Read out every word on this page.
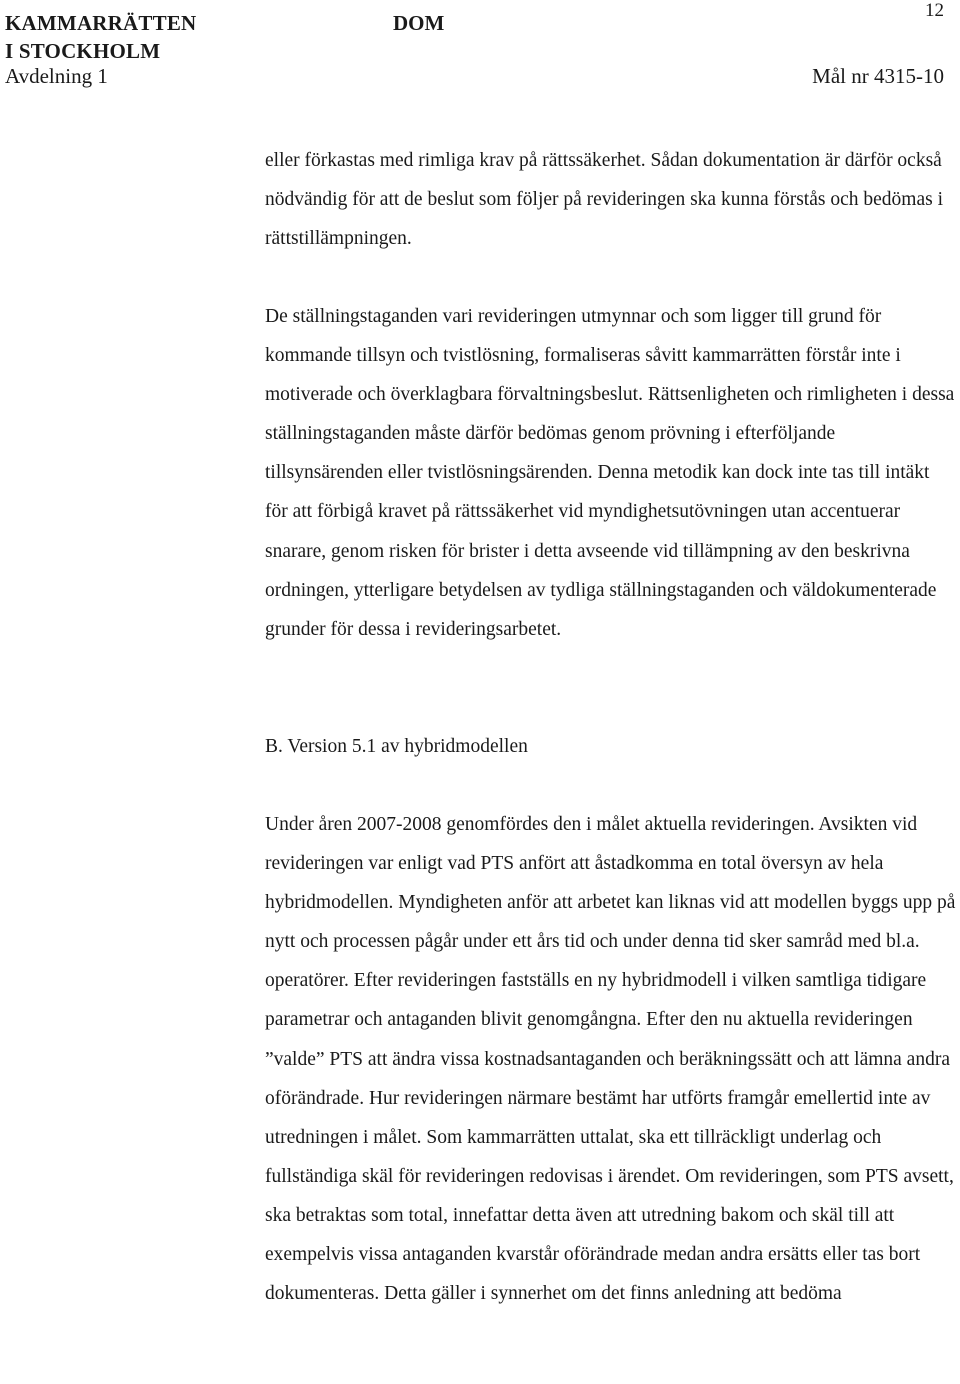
KAMMARRÄTTEN
I STOCKHOLM
DOM
12
Avdelning 1	Mål nr 4315-10

eller förkastas med rimliga krav på rättssäkerhet. Sådan dokumentation är därför också nödvändig för att de beslut som följer på revideringen ska kunna förstås och bedömas i rättstillämpningen.

De ställningstaganden vari revideringen utmynnar och som ligger till grund för kommande tillsyn och tvistlösning, formaliseras såvitt kammarrätten förstår inte i motiverade och överklagbara förvaltningsbeslut. Rättsenligheten och rimligheten i dessa ställningstaganden måste därför bedömas genom prövning i efterföljande tillsynsärenden eller tvistlösningsärenden. Denna metodik kan dock inte tas till intäkt för att förbigå kravet på rättssäkerhet vid myndighetsutövningen utan accentuerar snarare, genom risken för brister i detta avseende vid tillämpning av den beskrivna ordningen, ytterligare betydelsen av tydliga ställningstaganden och väldokumenterade grunder för dessa i revideringsarbetet.

B. Version 5.1 av hybridmodellen

Under åren 2007-2008 genomfördes den i målet aktuella revideringen. Avsikten vid revideringen var enligt vad PTS anfört att åstadkomma en total översyn av hela hybridmodellen. Myndigheten anför att arbetet kan liknas vid att modellen byggs upp på nytt och processen pågår under ett års tid och under denna tid sker samråd med bl.a. operatörer. Efter revideringen fastställs en ny hybridmodell i vilken samtliga tidigare parametrar och antaganden blivit genomgångna. Efter den nu aktuella revideringen ”valde” PTS att ändra vissa kostnadsantaganden och beräkningssätt och att lämna andra oförändrade. Hur revideringen närmare bestämt har utförts framgår emellertid inte av utredningen i målet. Som kammarrätten uttalat, ska ett tillräckligt underlag och fullständiga skäl för revideringen redovisas i ärendet. Om revideringen, som PTS avsett, ska betraktas som total, innefattar detta även att utredning bakom och skäl till att exempelvis vissa antaganden kvarstår oförändrade medan andra ersätts eller tas bort dokumenteras. Detta gäller i synnerhet om det finns anledning att bedöma
